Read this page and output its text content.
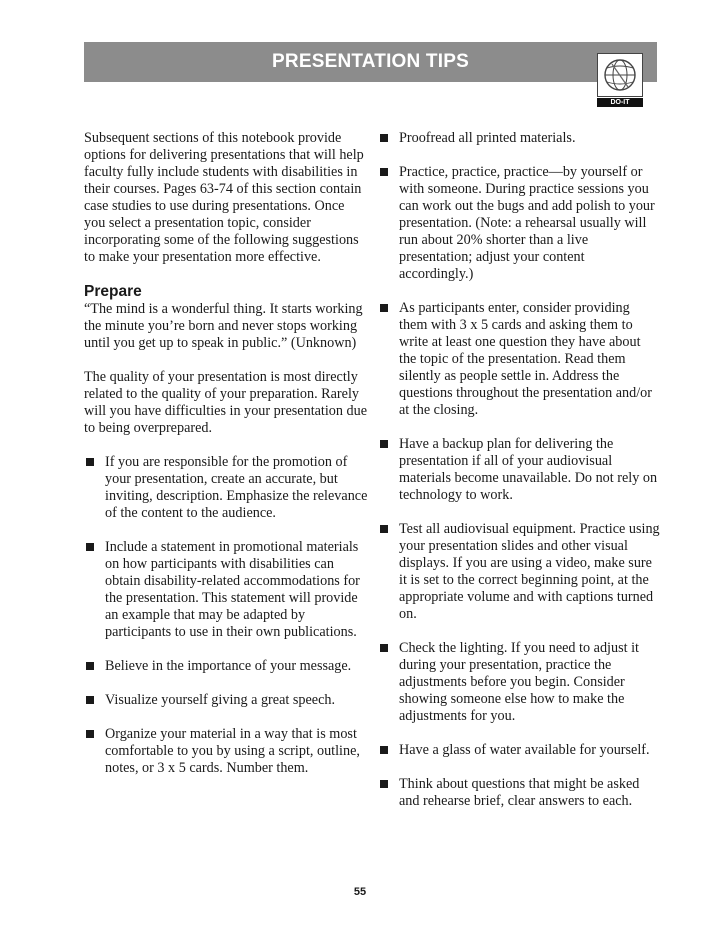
PRESENTATION TIPS
DO-IT

Subsequent sections of this notebook provide options for delivering presentations that will help faculty fully include students with disabilities in their courses. Pages 63-74 of this section contain case studies to use during presentations. Once you select a presentation topic, consider incorporating some of the following suggestions to make your presentation more effective.

Prepare

“The mind is a wonderful thing. It starts working the minute you’re born and never stops working until you get up to speak in public.” (Unknown)

The quality of your presentation is most directly related to the quality of your preparation. Rarely will you have difficulties in your presentation due to being overprepared.

If you are responsible for the promotion of your presentation, create an accurate, but inviting, description. Emphasize the relevance of the content to the audience.

Include a statement in promotional materials on how participants with disabilities can obtain disability-related accommodations for the presentation. This statement will provide an example that may be adapted by participants to use in their own publications.

Believe in the importance of your message.

Visualize yourself giving a great speech.

Organize your material in a way that is most comfortable to you by using a script, outline, notes, or 3 x 5 cards. Number them.

Proofread all printed materials.

Practice, practice, practice—by yourself or with someone. During practice sessions you can work out the bugs and add polish to your presentation. (Note: a rehearsal usually will run about 20% shorter than a live presentation; adjust your content accordingly.)

As participants enter, consider providing them with 3 x 5 cards and asking them to write at least one question they have about the topic of the presentation. Read them silently as people settle in. Address the questions throughout the presentation and/or at the closing.

Have a backup plan for delivering the presentation if all of your audiovisual materials become unavailable. Do not rely on technology to work.

Test all audiovisual equipment. Practice using your presentation slides and other visual displays. If you are using a video, make sure it is set to the correct beginning point, at the appropriate volume and with captions turned on.

Check the lighting. If you need to adjust it during your presentation, practice the adjustments before you begin. Consider showing someone else how to make the adjustments for you.

Have a glass of water available for yourself.

Think about questions that might be asked and rehearse brief, clear answers to each.

55
